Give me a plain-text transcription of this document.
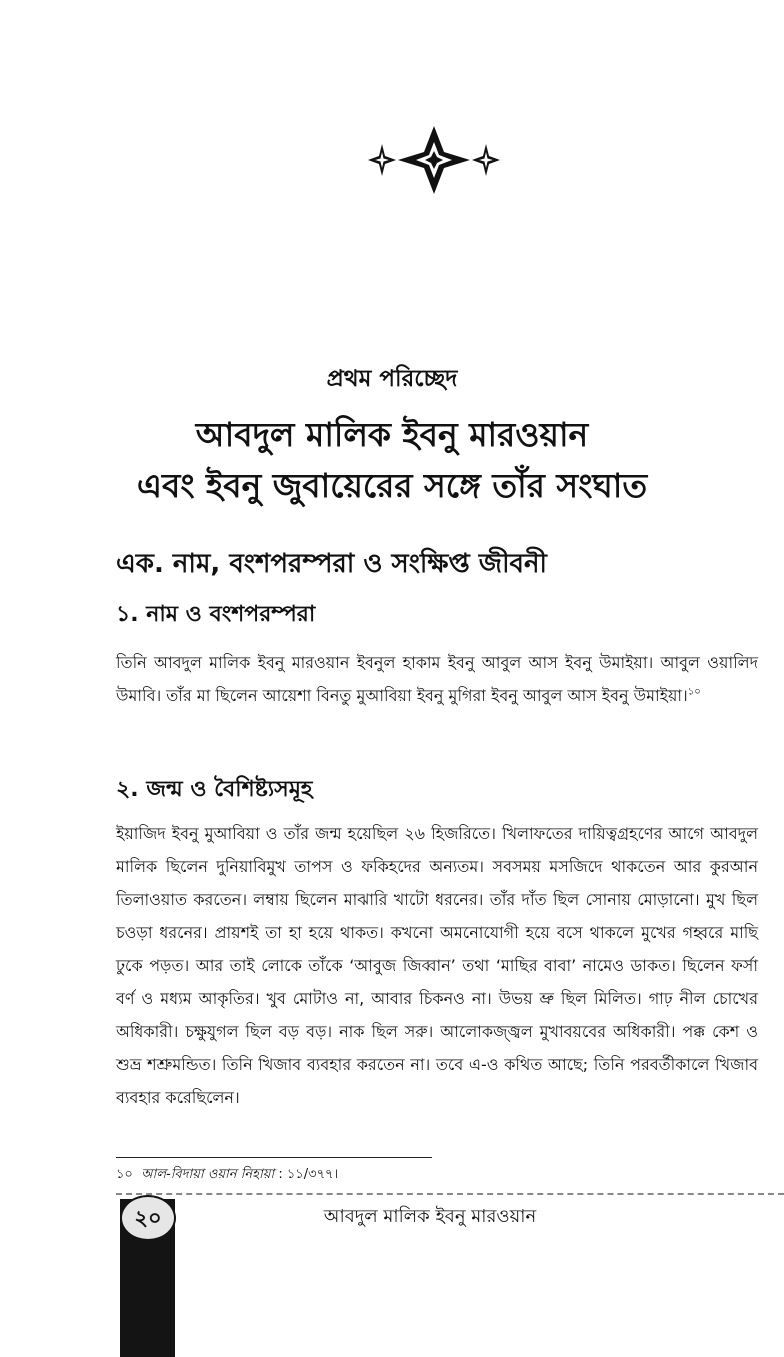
প্রথম পরিচ্ছেদ
আবদুল মালিক ইবনু মারওয়ান
এবং ইবনু জুবায়েরের সঙ্গে তাঁর সংঘাত
এক. নাম, বংশপরম্পরা ও সংক্ষিপ্ত জীবনী
১. নাম ও বংশপরম্পরা
তিনি আবদুল মালিক ইবনু মারওয়ান ইবনুল হাকাম ইবনু আবুল আস ইবনু উমাইয়া। আবুল ওয়ালিদ উমাবি। তাঁর মা ছিলেন আয়েশা বিনতু মুআবিয়া ইবনু মুগিরা ইবনু আবুল আস ইবনু উমাইয়া।$^{১০}$
২. জন্ম ও বৈশিষ্ট্যসমূহ
ইয়াজিদ ইবনু মুআবিয়া ও তাঁর জন্ম হয়েছিল ২৬ হিজরিতে। খিলাফতের দায়িত্বগ্রহণের আগে আবদুল মালিক ছিলেন দুনিয়াবিমুখ তাপস ও ফকিহদের অন্যতম। সবসময় মসজিদে থাকতেন আর কুরআন তিলাওয়াত করতেন। লম্বায় ছিলেন মাঝারি খাটো ধরনের। তাঁর দাঁত ছিল সোনায় মোড়ানো। মুখ ছিল চওড়া ধরনের। প্রায়শই তা হা হয়ে থাকত। কখনো অমনোযোগী হয়ে বসে থাকলে মুখের গহ্বরে মাছি ঢুকে পড়ত। আর তাই লোকে তাঁকে ‘আবুজ জিব্বান’ তথা ‘মাছির বাবা’ নামেও ডাকত। ছিলেন ফর্সা বর্ণ ও মধ্যম আকৃতির। খুব মোটাও না, আবার চিকনও না। উভয় ভ্রু ছিল মিলিত। গাঢ় নীল চোখের অধিকারী। চক্ষুযুগল ছিল বড় বড়। নাক ছিল সরু। আলোকজ্জ্বল মুখাবয়বের অধিকারী। পক্ক কেশ ও শুভ্র শশ্রুমন্ডিত। তিনি খিজাব ব্যবহার করতেন না। তবে এ-ও কথিত আছে; তিনি পরবর্তীকালে খিজাব ব্যবহার করেছিলেন।
১০ আল-বিদায়া ওয়ান নিহায়া : ১১/৩৭৭।
২০	আবদুল মালিক ইবনু মারওয়ান
